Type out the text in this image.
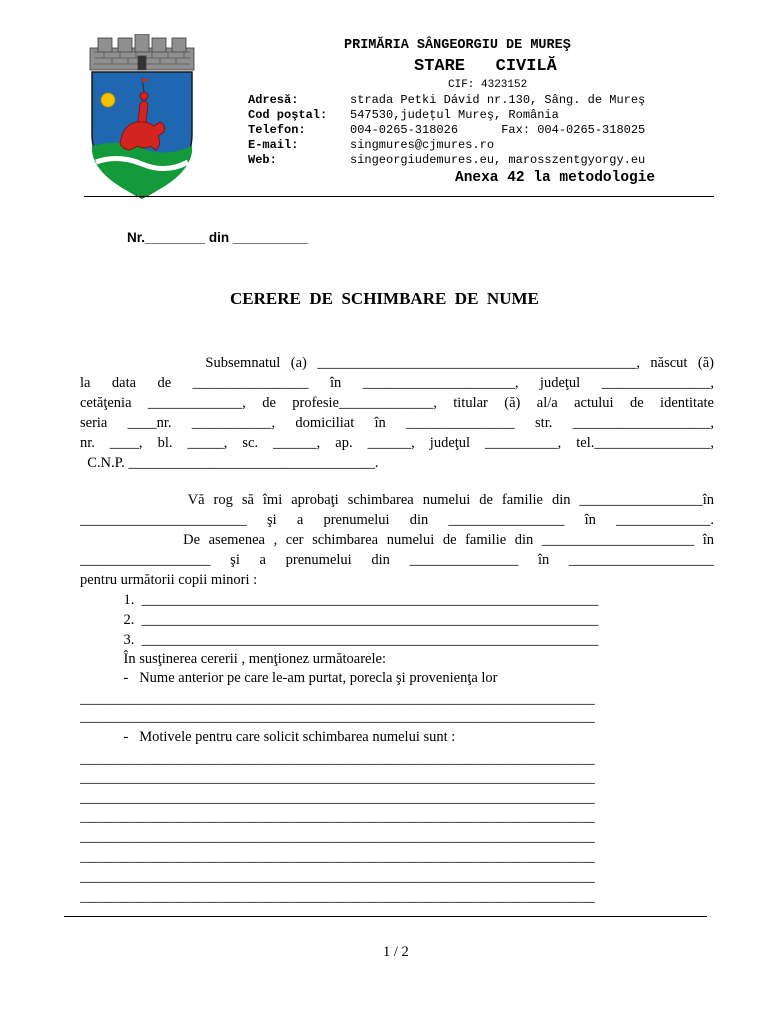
PRIMĂRIA SÂNGEORGIU DE MUREŞ
STARE   CIVILĂ
CIF: 4323152
Adresă:	strada Petki Dávid nr.130, Sâng. de Mureş
Cod poştal: 547530,judeţul Mureş, România
Telefon:	004-0265-318026      Fax: 004-0265-318025
E-mail:	singmures@cjmures.ro
Web:	singeorgiudemures.eu, marosszentgyorgy.eu
Anexa 42 la metodologie
Nr.________ din __________
CERERE  DE  SCHIMBARE  DE  NUME
Subsemnatul (a) ____________________________________________, născut (ă)
la data de ________________ în _____________________, judeţul _______________,
cetăţenia _____________, de profesie_____________, titular (ă) al/a actului de identitate
seria ____nr. ___________, domiciliat în _______________ str. ___________________,
nr. ____, bl. _____, sc. ______, ap. ______, judeţul __________, tel.________________,
C.N.P. __________________________________.
Vă rog să îmi aprobaţi schimbarea numelui de familie din _________________în
_______________________ şi a prenumelui din ________________ în _____________.
De asemenea , cer schimbarea numelui de familie din _____________________ în
__________________ şi a prenumelui din _______________ în ____________________
pentru următorii copii minori :
1.  _______________________________________________________________
2.  _______________________________________________________________
3.  _______________________________________________________________
În susţinerea cererii , menţionez următoarele:
-   Nume anterior pe care le-am purtat, porecla şi provenienţa lor
_______________________________________________________________________
_______________________________________________________________________
-   Motivele pentru care solicit schimbarea numelui sunt :
_______________________________________________________________________
_______________________________________________________________________
_______________________________________________________________________
_______________________________________________________________________
_______________________________________________________________________
_______________________________________________________________________
_______________________________________________________________________
_______________________________________________________________________
1 / 2
